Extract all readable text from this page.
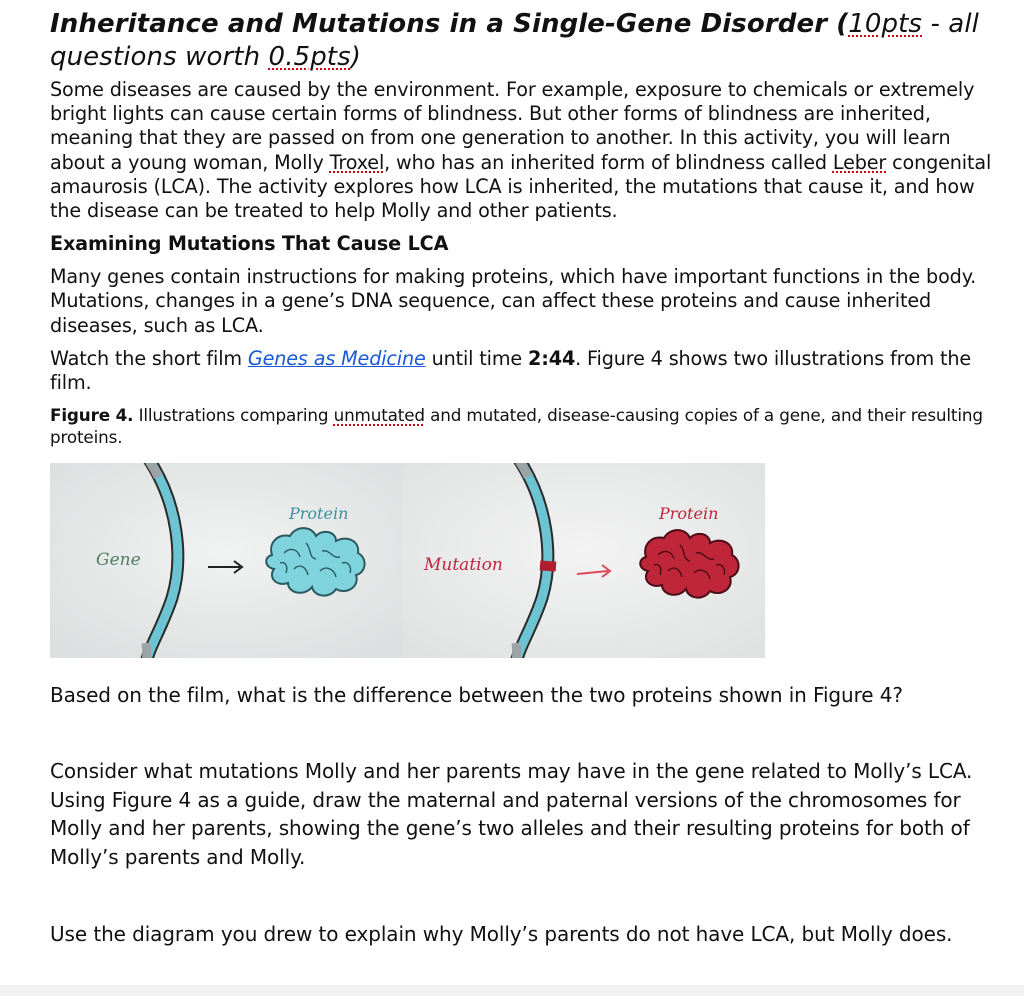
Inheritance and Mutations in a Single-Gene Disorder (10pts - all questions worth 0.5pts)

Some diseases are caused by the environment. For example, exposure to chemicals or extremely bright lights can cause certain forms of blindness. But other forms of blindness are inherited, meaning that they are passed on from one generation to another. In this activity, you will learn about a young woman, Molly Troxel, who has an inherited form of blindness called Leber congenital amaurosis (LCA). The activity explores how LCA is inherited, the mutations that cause it, and how the disease can be treated to help Molly and other patients.

Examining Mutations That Cause LCA

Many genes contain instructions for making proteins, which have important functions in the body. Mutations, changes in a gene’s DNA sequence, can affect these proteins and cause inherited diseases, such as LCA.

Watch the short film Genes as Medicine until time 2:44. Figure 4 shows two illustrations from the film.

Figure 4. Illustrations comparing unmutated and mutated, disease-causing copies of a gene, and their resulting proteins.

Gene
Protein
Mutation
Protein

Based on the film, what is the difference between the two proteins shown in Figure 4?

Consider what mutations Molly and her parents may have in the gene related to Molly’s LCA. Using Figure 4 as a guide, draw the maternal and paternal versions of the chromosomes for Molly and her parents, showing the gene’s two alleles and their resulting proteins for both of Molly’s parents and Molly.

Use the diagram you drew to explain why Molly’s parents do not have LCA, but Molly does.
